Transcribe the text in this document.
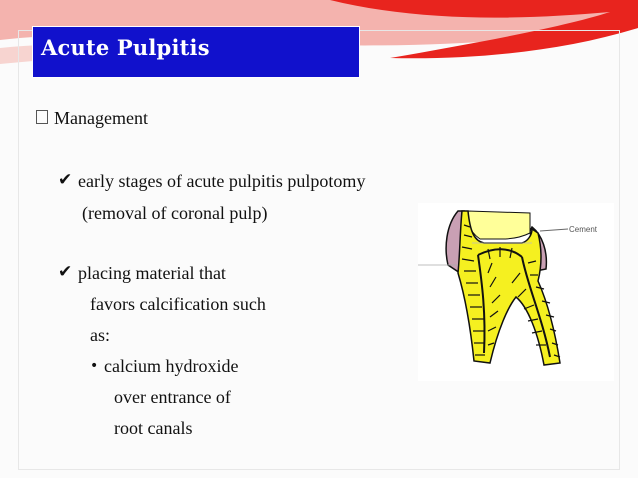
Acute Pulpitis
Management
✔ early stages of acute pulpitis pulpotomy
(removal of coronal pulp)
✔ placing material that
favors calcification such
as:
• calcium hydroxide
over entrance of
root canals
Cement
